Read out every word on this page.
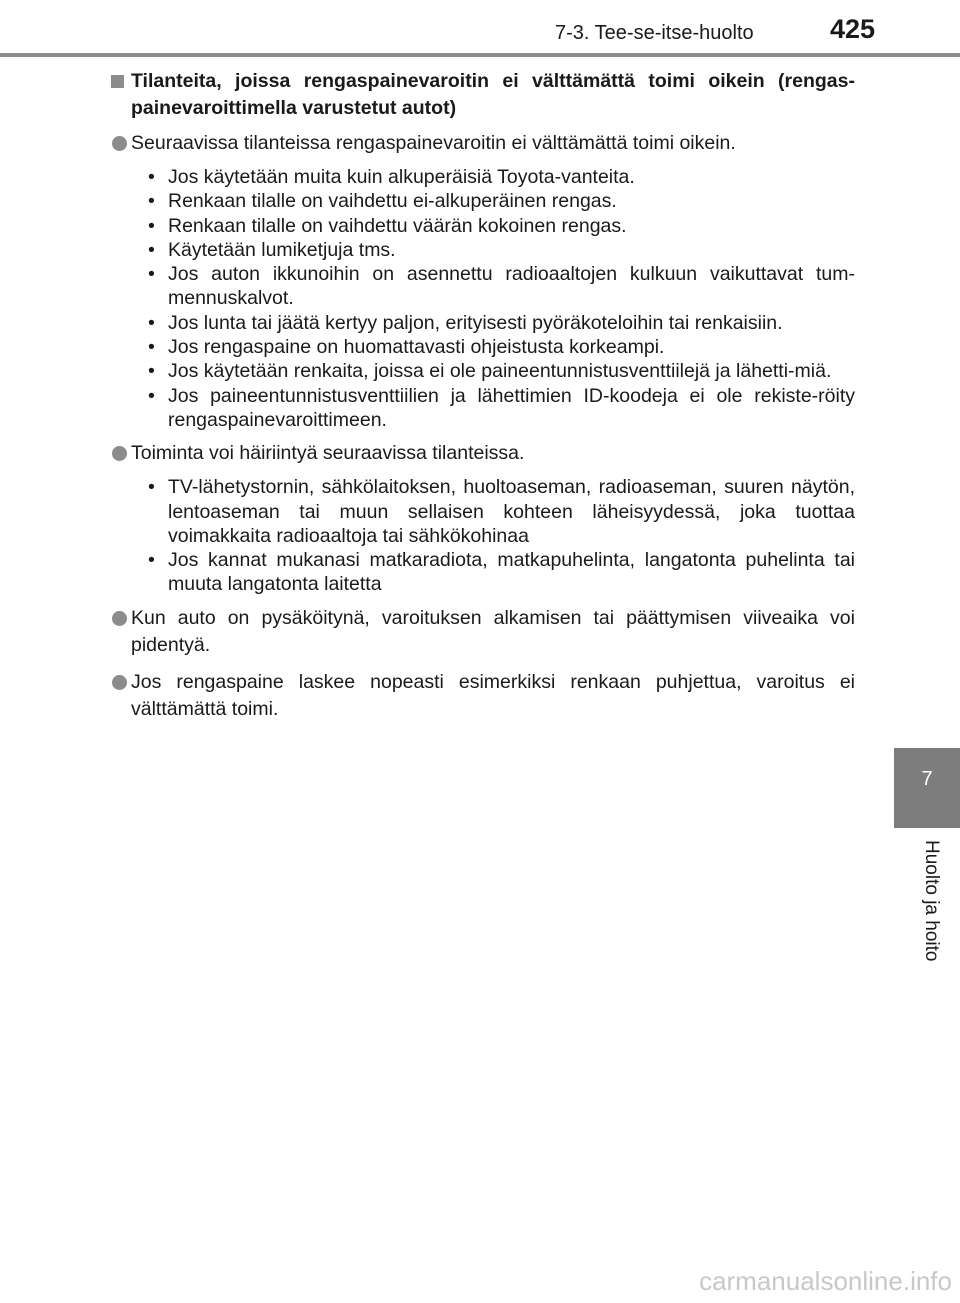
7-3. Tee-se-itse-huolto	425
7
Huolto ja hoito
Tilanteita, joissa rengaspainevaroitin ei välttämättä toimi oikein (rengas-painevaroittimella varustetut autot)
Seuraavissa tilanteissa rengaspainevaroitin ei välttämättä toimi oikein.
• Jos käytetään muita kuin alkuperäisiä Toyota-vanteita.
• Renkaan tilalle on vaihdettu ei-alkuperäinen rengas.
• Renkaan tilalle on vaihdettu väärän kokoinen rengas.
• Käytetään lumiketjuja tms.
• Jos auton ikkunoihin on asennettu radioaaltojen kulkuun vaikuttavat tum-mennuskalvot.
• Jos lunta tai jäätä kertyy paljon, erityisesti pyöräkoteloihin tai renkaisiin.
• Jos rengaspaine on huomattavasti ohjeistusta korkeampi.
• Jos käytetään renkaita, joissa ei ole paineentunnistusventtiilejä ja lähetti-miä.
• Jos paineentunnistusventtiilien ja lähettimien ID-koodeja ei ole rekiste-röity rengaspainevaroittimeen.
Toiminta voi häiriintyä seuraavissa tilanteissa.
• TV-lähetystornin, sähkölaitoksen, huoltoaseman, radioaseman, suuren näytön, lentoaseman tai muun sellaisen kohteen läheisyydessä, joka tuottaa voimakkaita radioaaltoja tai sähkökohinaa
• Jos kannat mukanasi matkaradiota, matkapuhelinta, langatonta puhelinta tai muuta langatonta laitetta
Kun auto on pysäköitynä, varoituksen alkamisen tai päättymisen viiveaika voi pidentyä.
Jos rengaspaine laskee nopeasti esimerkiksi renkaan puhjettua, varoitus ei välttämättä toimi.
carmanualsonline.info
